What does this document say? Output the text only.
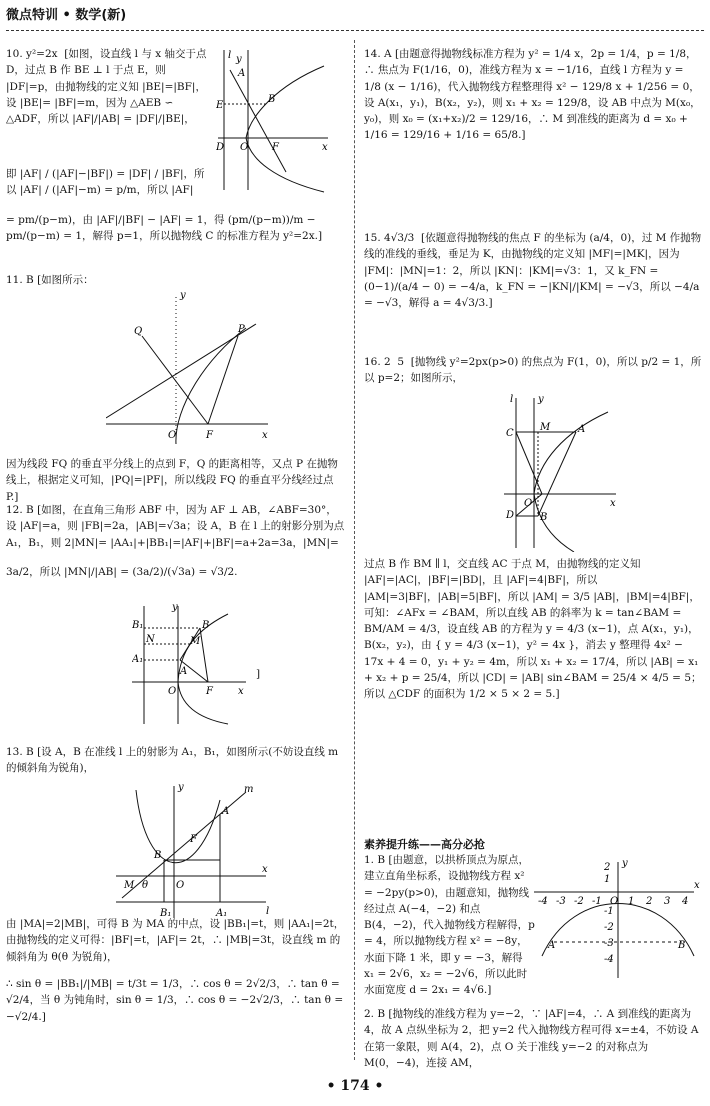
微点特训 • 数学(新)
10. y²=2x  [如图，设直线 l 与 x 轴交于点 D，过点 B 作 BE ⊥ l 于点 E，则 |DF|=p，由抛物线的定义知 |BE|=|BF|，设 |BE|= |BF|=m，因为 △AEB ∽ △ADF，所以 |AF|/|AB| = |DF|/|BE|，
y
l
A
B
E
D O F	x
即 |AF| / (|AF|−|BF|) = |DF| / |BF|，所以 |AF| / (|AF|−m) = p/m，所以 |AF|
= pm/(p−m)，由 |AF|/|BF| − |AF| = 1，得 (pm/(p−m))/m − pm/(p−m) = 1，解得 p=1，所以抛物线 C 的标准方程为 y²=2x.]
11. B [如图所示：
y
Q	P
O	F	x
因为线段 FQ 的垂直平分线上的点到 F，Q 的距离相等，又点 P 在抛物线上，根据定义可知，|PQ|=|PF|，所以线段 FQ 的垂直平分线经过点 P.]
12. B [如图，在直角三角形 ABF 中，因为 AF ⊥ AB，∠ABF=30°，设 |AF|=a，则 |FB|=2a，|AB|=√3a；设 A，B 在 l 上的射影分别为点 A₁，B₁，则 2|MN|= |AA₁|+|BB₁|=|AF|+|BF|=a+2a=3a，|MN|=
3a/2，所以 |MN|/|AB| = (3a/2)/(√3a) = √3/2.
y
B₁
N
A₁
B
M
A
O	F	x
]
13. B [设 A，B 在准线 l 上的射影为 A₁，B₁，如图所示(不妨设直线 m 的倾斜角为锐角)，
y	m
A
F
B
M θ	O
B₁	A₁
x
l
由 |MA|=2|MB|，可得 B 为 MA 的中点，设 |BB₁|=t，则 |AA₁|=2t，由抛物线的定义可得：|BF|=t，|AF|= 2t，∴ |MB|=3t，设直线 m 的倾斜角为 θ(θ 为锐角)，
∴ sin θ = |BB₁|/|MB| = t/3t = 1/3，∴ cos θ = 2√2/3，∴ tan θ = √2/4，当 θ 为钝角时，sin θ = 1/3，∴ cos θ = −2√2/3，∴ tan θ = −√2/4.]
14. A [由题意得抛物线标准方程为 y² = 1/4 x，2p = 1/4，p = 1/8，∴ 焦点为 F(1/16，0)，准线方程为 x = −1/16，直线 l 方程为 y = 1/8 (x − 1/16)，代入抛物线方程整理得 x² − 129/8 x + 1/256 = 0，设 A(x₁，y₁)，B(x₂，y₂)，则 x₁ + x₂ = 129/8，设 AB 中点为 M(x₀，y₀)，则 x₀ = (x₁+x₂)/2 = 129/16，∴ M 到准线的距离为 d = x₀ + 1/16 = 129/16 + 1/16 = 65/8.]
15. 4√3/3  [依题意得抛物线的焦点 F 的坐标为 (a/4，0)，过 M 作抛物线的准线的垂线，垂足为 K，由抛物线的定义知 |MF|=|MK|，因为 |FM|：|MN|=1：2，所以 |KN|：|KM|=√3：1，又 k_FN = (0−1)/(a/4 − 0) = −4/a，k_FN = −|KN|/|KM| = −√3，所以 −4/a = −√3，解得 a = 4√3/3.]
16. 2  5  [抛物线 y²=2px(p>0) 的焦点为 F(1，0)，所以 p/2 = 1，所以 p=2；如图所示，
l y
C
M	A
D	B
O	x
过点 B 作 BM ∥ l，交直线 AC 于点 M，由抛物线的定义知 |AF|=|AC|，|BF|=|BD|，且 |AF|=4|BF|，所以 |AM|=3|BF|，|AB|=5|BF|，所以 |AM| = 3/5 |AB|，|BM|=4|BF|，可知：∠AFx = ∠BAM，所以直线 AB 的斜率为 k = tan∠BAM = BM/AM = 4/3，设直线 AB 的方程为 y = 4/3 (x−1)，点 A(x₁，y₁)，B(x₂，y₂)，由 { y = 4/3 (x−1)，y² = 4x }，消去 y 整理得 4x² − 17x + 4 = 0，y₁ + y₂ = 4m，所以 x₁ + x₂ = 17/4，所以 |AB| = x₁ + x₂ + p = 25/4，所以 |CD| = |AB| sin∠BAM = 25/4 × 4/5 = 5；所以 △CDF 的面积为 1/2 × 5 × 2 = 5.]
素养提升练——高分必抢
1. B [由题意，以拱桥顶点为原点，建立直角坐标系，设抛物线方程 x² = −2py(p>0)，由题意知，抛物线经过点 A(−4，−2) 和点 B(4，−2)，代入抛物线方程解得，p = 4，所以抛物线方程 x² = −8y，水面下降 1 米，即 y = −3，解得 x₁ = 2√6，x₂ = −2√6，所以此时水面宽度 d = 2x₁ = 4√6.]
-4 -3 -2 -1 O 1 2 3 4
2
1
-1
-2
-3
-4
y
x
A	B
2. B [抛物线的准线方程为 y=−2，∵ |AF|=4，∴ A 到准线的距离为 4，故 A 点纵坐标为 2，把 y=2 代入抛物线方程可得 x=±4，不妨设 A 在第一象限，则 A(4，2)，点 O 关于准线 y=−2 的对称点为 M(0，−4)，连接 AM，
• 174 •
